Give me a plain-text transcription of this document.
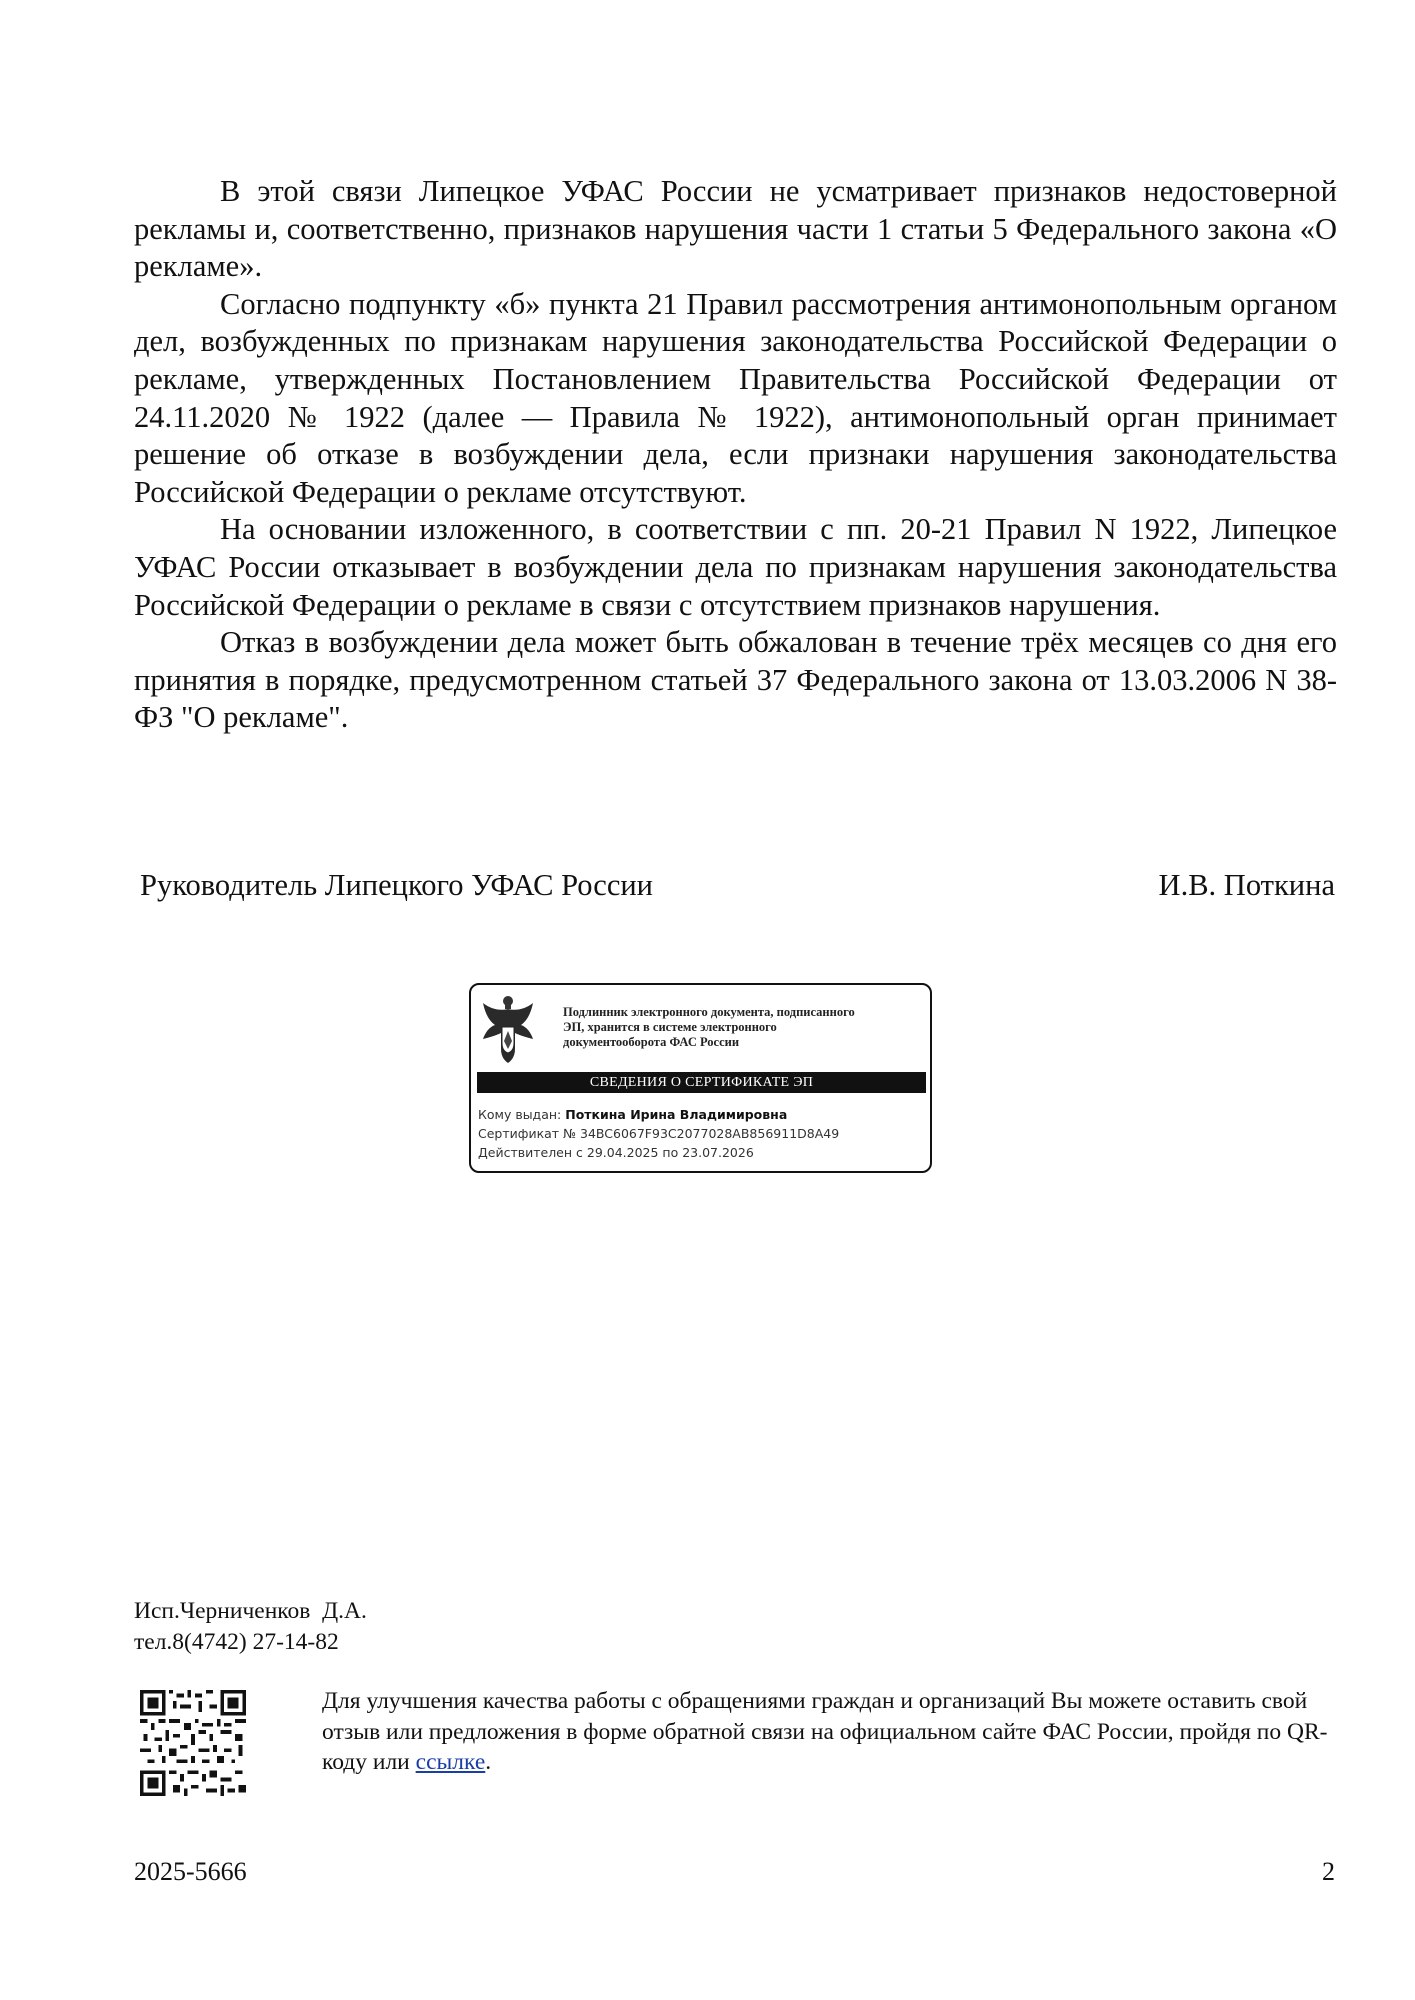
В этой связи Липецкое УФАС России не усматривает признаков недостоверной рекламы и, соответственно, признаков нарушения части 1 статьи 5 Федерального закона «О рекламе».

Согласно подпункту «б» пункта 21 Правил рассмотрения антимонопольным органом дел, возбужденных по признакам нарушения законодательства Российской Федерации о рекламе, утвержденных Постановлением Правительства Российской Федерации от 24.11.2020 № 1922 (далее — Правила № 1922), антимонопольный орган принимает решение об отказе в возбуждении дела, если признаки нарушения законодательства Российской Федерации о рекламе отсутствуют.

На основании изложенного, в соответствии с пп. 20-21 Правил N 1922, Липецкое УФАС России отказывает в возбуждении дела по признакам нарушения законодательства Российской Федерации о рекламе в связи с отсутствием признаков нарушения.

Отказ в возбуждении дела может быть обжалован в течение трёх месяцев со дня его принятия в порядке, предусмотренном статьей 37 Федерального закона от 13.03.2006 N 38-ФЗ "О рекламе".

Руководитель Липецкого УФАС России	И.В. Поткина
Подлинник электронного документа, подписанного
ЭП, хранится в системе электронного
документооборота ФАС России
СВЕДЕНИЯ О СЕРТИФИКАТЕ ЭП
Кому выдан: Поткина Ирина Владимировна
Сертификат № 34BC6067F93C2077028AB856911D8A49
Действителен с 29.04.2025 по 23.07.2026
Исп.Черниченков  Д.А.
тел.8(4742) 27-14-82
Для улучшения качества работы с обращениями граждан и организаций Вы можете оставить свой отзыв или предложения в форме обратной связи на официальном сайте ФАС России, пройдя по QR-коду или ссылке.
2025-5666	2
